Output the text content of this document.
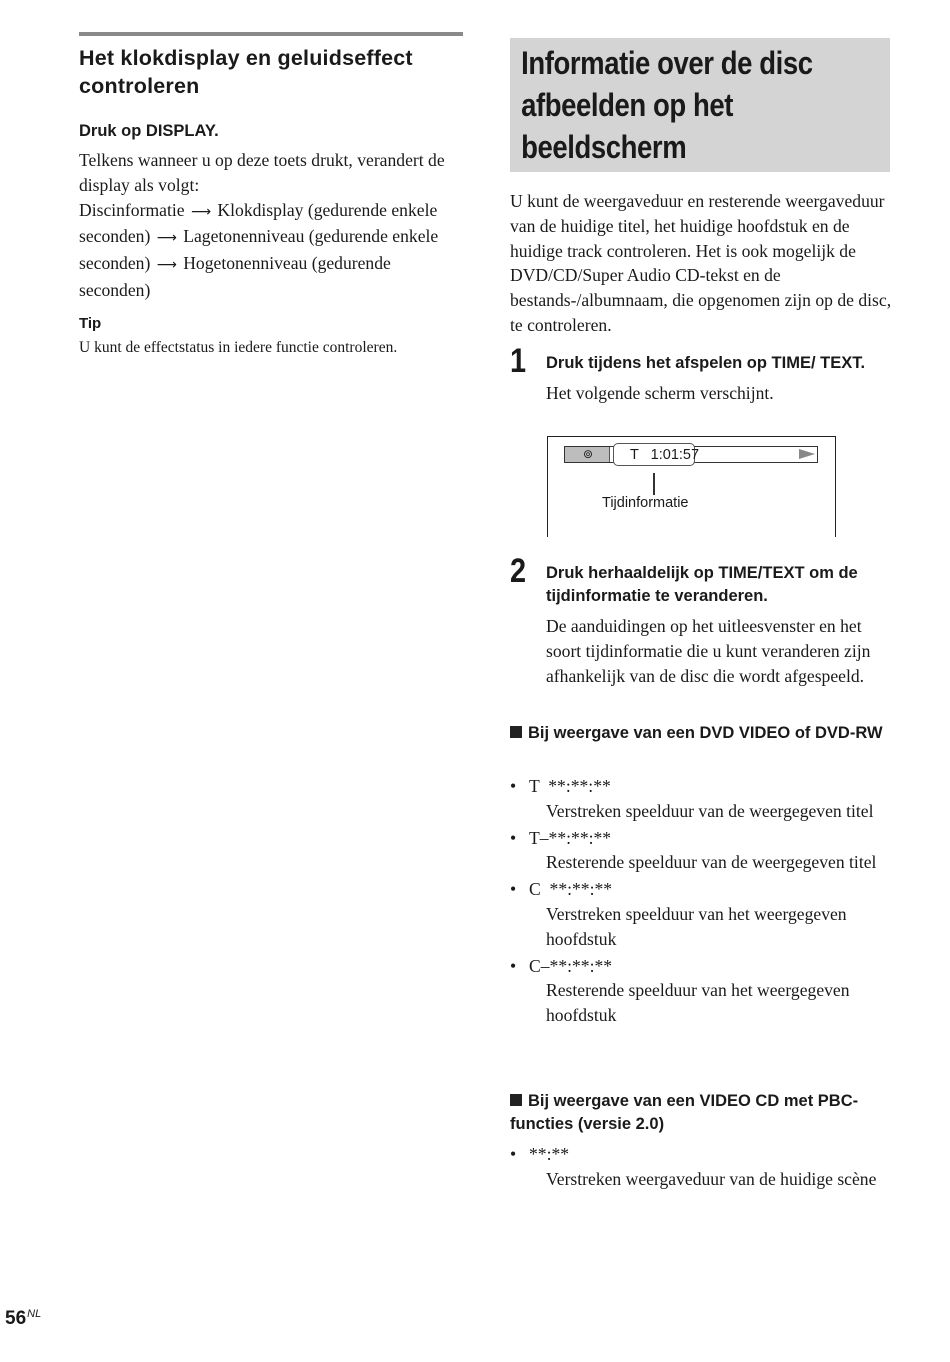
Het klokdisplay en geluidseffect controleren
Druk op DISPLAY.
Telkens wanneer u op deze toets drukt, verandert de display als volgt:
Discinformatie ⟶ Klokdisplay (gedurende enkele seconden) ⟶ Lagetonenniveau (gedurende enkele seconden) ⟶ Hogetonenniveau (gedurende seconden)
Tip
U kunt de effectstatus in iedere functie controleren.
Informatie over de disc afbeelden op het beeldscherm
U kunt de weergaveduur en resterende weergaveduur van de huidige titel, het huidige hoofdstuk en de huidige track controleren. Het is ook mogelijk de DVD/CD/Super Audio CD-tekst en de bestands-/albumnaam, die opgenomen zijn op de disc, te controleren.
1 Druk tijdens het afspelen op TIME/ TEXT.
Het volgende scherm verschijnt.
⊚	T   1:01:57
Tijdinformatie
2 Druk herhaaldelijk op TIME/TEXT om de tijdinformatie te veranderen.
De aanduidingen op het uitleesvenster en het soort tijdinformatie die u kunt veranderen zijn afhankelijk van de disc die wordt afgespeeld.
Bij weergave van een DVD VIDEO of DVD-RW
• T  **:**:**
Verstreken speelduur van de weergegeven titel
• T–**:**:**
Resterende speelduur van de weergegeven titel
• C  **:**:**
Verstreken speelduur van het weergegeven hoofdstuk
• C–**:**:**
Resterende speelduur van het weergegeven hoofdstuk
Bij weergave van een VIDEO CD met PBC-functies (versie 2.0)
• **:**
Verstreken weergaveduur van de huidige scène
$56^{NL}$
